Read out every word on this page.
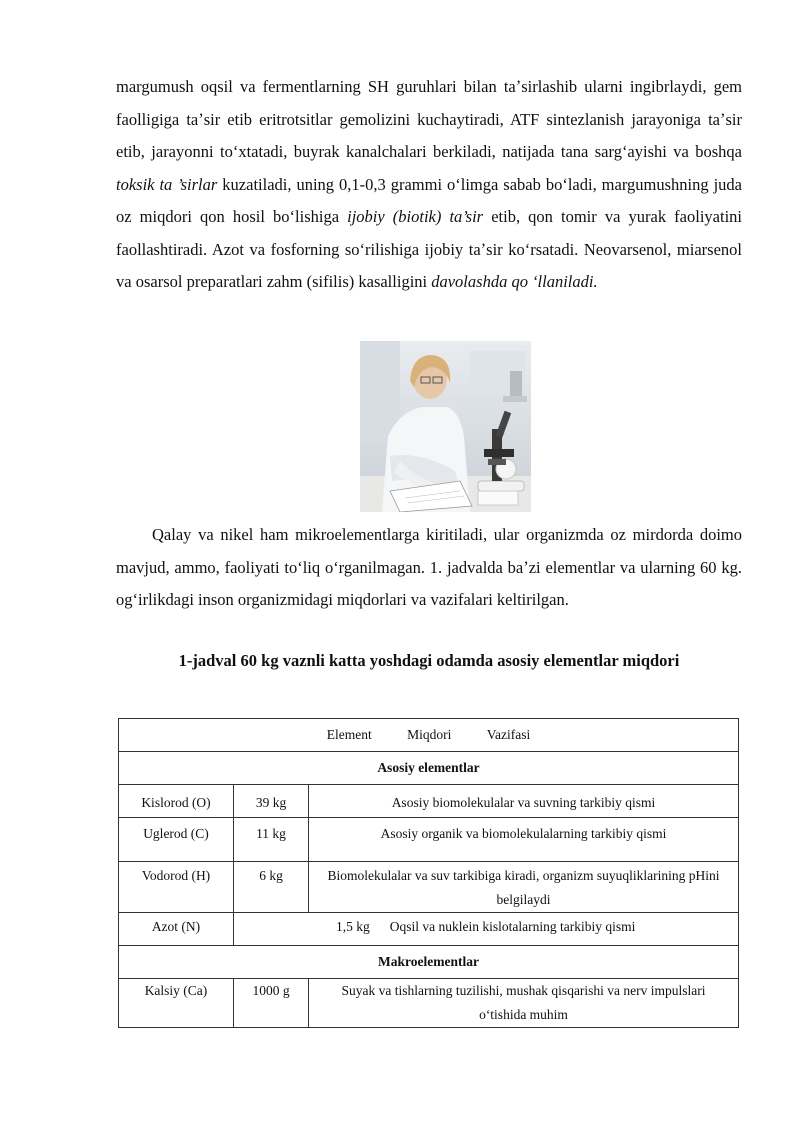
margumush oqsil va fermentlarning SH guruhlari bilan taʼsirlashib ularni ingibrlaydi, gem faolligiga taʼsir etib eritrotsitlar gemolizini kuchaytiradi, ATF sintezlanish jarayoniga taʼsir etib, jarayonni toʻxtatadi, buyrak kanalchalari berkiladi, natijada tana sargʻayishi va boshqa toksik ta ’sirlar kuzatiladi, uning 0,1-0,3 grammi oʻlimga sabab boʻladi, margumushning juda oz miqdori qon hosil boʻlishiga ijobiy (biotik) ta’sir etib, qon tomir va yurak faoliyatini faollashtiradi. Azot va fosforning soʻrilishiga ijobiy taʼsir koʻrsatadi. Neovarsenol, miarsenol va osarsol preparatlari zahm (sifilis) kasalligini davolashda qo ‘llaniladi.

Qalay va nikel ham mikroelementlarga kiritiladi, ular organizmda oz mirdorda doimo mavjud, ammo, faoliyati toʻliq oʻrganilmagan. 1. jadvalda baʼzi elementlar va ularning 60 kg. ogʻirlikdagi inson organizmidagi miqdorlari va vazifalari keltirilgan.

1-jadval 60 kg vaznli katta yoshdagi odamda asosiy elementlar miqdori

Element Miqdori Vazifasi		
Asosiy elementlar		

Kislorod (O)	39 kg	Asosiy biomolekulalar va suvning tarkibiy qismi

Uglerod (C)	11 kg	Asosiy organik va biomolekulalarning tarkibiy qismi

Vodorod (H)	6 kg	Biomolekulalar va suv tarkibiga kiradi, organizm suyuqliklarining pHini belgilaydi

Azot (N)	1,5 kg Oqsil va nuklein kislotalarning tarkibiy qismi	

Makroelementlar		

Kalsiy (Ca)	1000 g	Suyak va tishlarning tuzilishi, mushak qisqarishi va nerv impulslari oʻtishida muhim
